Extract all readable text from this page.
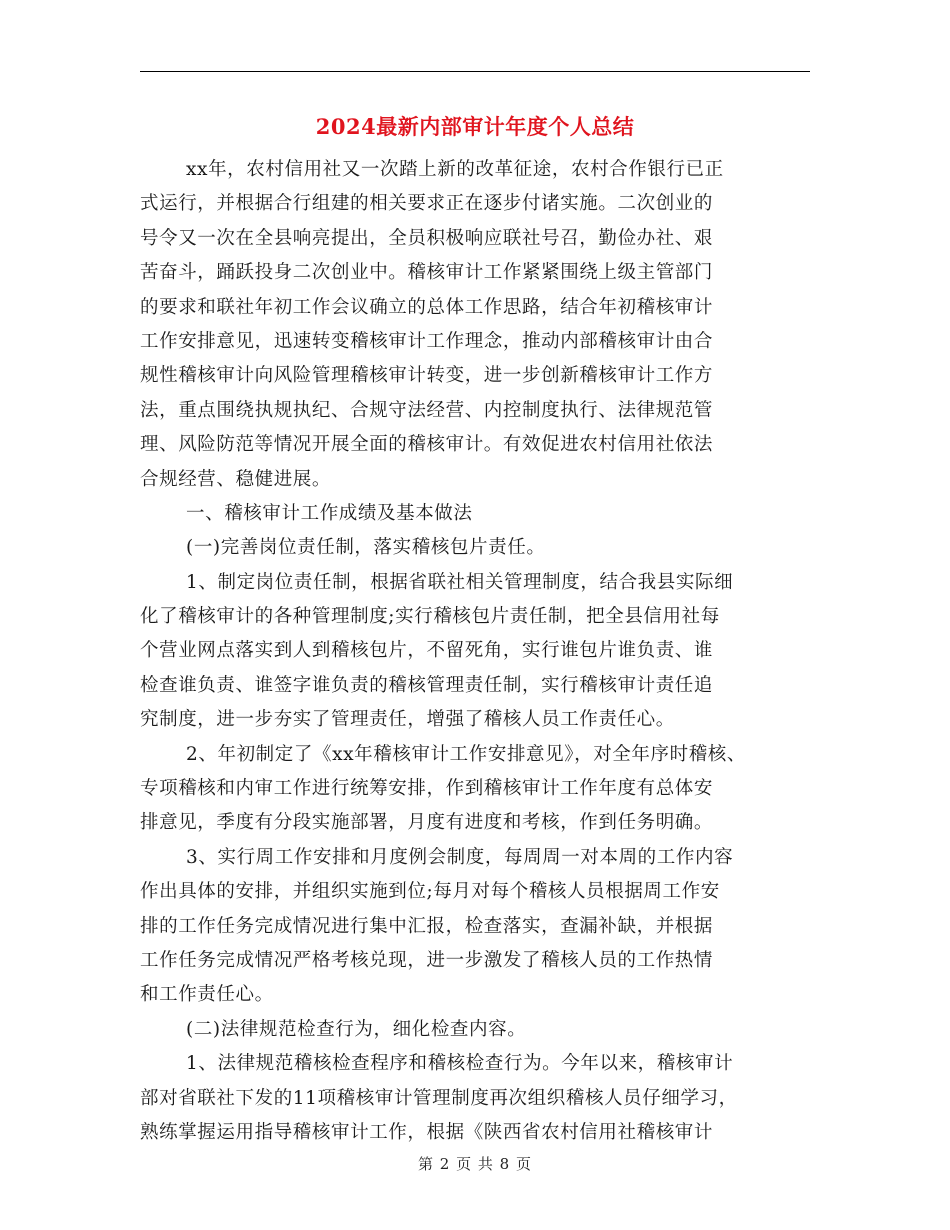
2024最新内部审计年度个人总结
xx年，农村信用社又一次踏上新的改革征途，农村合作银行已正
式运行，并根据合行组建的相关要求正在逐步付诸实施。二次创业的
号令又一次在全县响亮提出，全员积极响应联社号召，勤俭办社、艰
苦奋斗，踊跃投身二次创业中。稽核审计工作紧紧围绕上级主管部门
的要求和联社年初工作会议确立的总体工作思路，结合年初稽核审计
工作安排意见，迅速转变稽核审计工作理念，推动内部稽核审计由合
规性稽核审计向风险管理稽核审计转变，进一步创新稽核审计工作方
法，重点围绕执规执纪、合规守法经营、内控制度执行、法律规范管
理、风险防范等情况开展全面的稽核审计。有效促进农村信用社依法
合规经营、稳健进展。
一、稽核审计工作成绩及基本做法
(一)完善岗位责任制，落实稽核包片责任。
1、制定岗位责任制，根据省联社相关管理制度，结合我县实际细
化了稽核审计的各种管理制度;实行稽核包片责任制，把全县信用社每
个营业网点落实到人到稽核包片，不留死角，实行谁包片谁负责、谁
检查谁负责、谁签字谁负责的稽核管理责任制，实行稽核审计责任追
究制度，进一步夯实了管理责任，增强了稽核人员工作责任心。
2、年初制定了《xx年稽核审计工作安排意见》，对全年序时稽核、
专项稽核和内审工作进行统筹安排，作到稽核审计工作年度有总体安
排意见，季度有分段实施部署，月度有进度和考核，作到任务明确。
3、实行周工作安排和月度例会制度，每周周一对本周的工作内容
作出具体的安排，并组织实施到位;每月对每个稽核人员根据周工作安
排的工作任务完成情况进行集中汇报，检查落实，查漏补缺，并根据
工作任务完成情况严格考核兑现，进一步激发了稽核人员的工作热情
和工作责任心。
(二)法律规范检查行为，细化检查内容。
1、法律规范稽核检查程序和稽核检查行为。今年以来，稽核审计
部对省联社下发的11项稽核审计管理制度再次组织稽核人员仔细学习，
熟练掌握运用指导稽核审计工作，根据《陕西省农村信用社稽核审计
第 2 页 共 8 页
